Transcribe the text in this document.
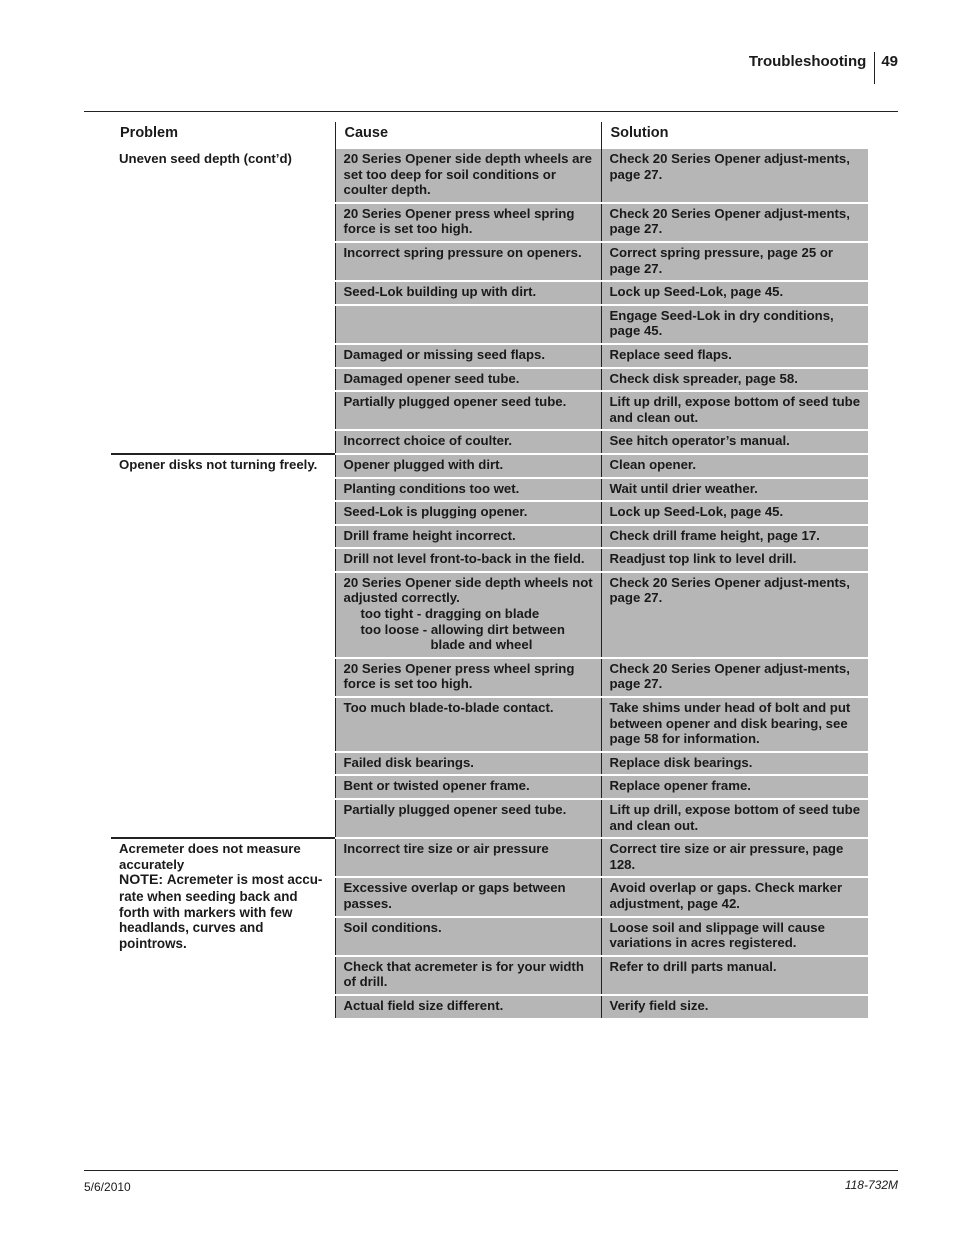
Troubleshooting	49
Problem	Cause	Solution
Uneven seed depth (cont’d)	20 Series Opener side depth wheels are set too deep for soil conditions or coulter depth.	Check 20 Series Opener adjust-ments, page 27.
	20 Series Opener press wheel spring force is set too high.	Check 20 Series Opener adjust-ments, page 27.
	Incorrect spring pressure on openers.	Correct spring pressure, page 25 or page 27.
	Seed-Lok building up with dirt.	Lock up Seed-Lok, page 45.
		Engage Seed-Lok in dry conditions, page 45.
	Damaged or missing seed flaps.	Replace seed flaps.
	Damaged opener seed tube.	Check disk spreader, page 58.
	Partially plugged opener seed tube.	Lift up drill, expose bottom of seed tube and clean out.
	Incorrect choice of coulter.	See hitch operator’s manual.
Opener disks not turning freely.	Opener plugged with dirt.	Clean opener.
	Planting conditions too wet.	Wait until drier weather.
	Seed-Lok is plugging opener.	Lock up Seed-Lok, page 45.
	Drill frame height incorrect.	Check drill frame height, page 17.
	Drill not level front-to-back in the field.	Readjust top link to level drill.
	20 Series Opener side depth wheels not adjusted correctly.
too tight - dragging on blade
too loose - allowing dirt between
blade and wheel	Check 20 Series Opener adjust-ments, page 27.
	20 Series Opener press wheel spring force is set too high.	Check 20 Series Opener adjust-ments, page 27.
	Too much blade-to-blade contact.	Take shims under head of bolt and put between opener and disk bearing, see page 58 for information.
	Failed disk bearings.	Replace disk bearings.
	Bent or twisted opener frame.	Replace opener frame.
	Partially plugged opener seed tube.	Lift up drill, expose bottom of seed tube and clean out.
Acremeter does not measure accurately
NOTE: Acremeter is most accu-rate when seeding back and forth with markers with few headlands, curves and pointrows.	Incorrect tire size or air pressure	Correct tire size or air pressure, page 128.
	Excessive overlap or gaps between passes.	Avoid overlap or gaps. Check marker adjustment, page 42.
	Soil conditions.	Loose soil and slippage will cause variations in acres registered.
	Check that acremeter is for your width of drill.	Refer to drill parts manual.
	Actual field size different.	Verify field size.
5/6/2010	118-732M
